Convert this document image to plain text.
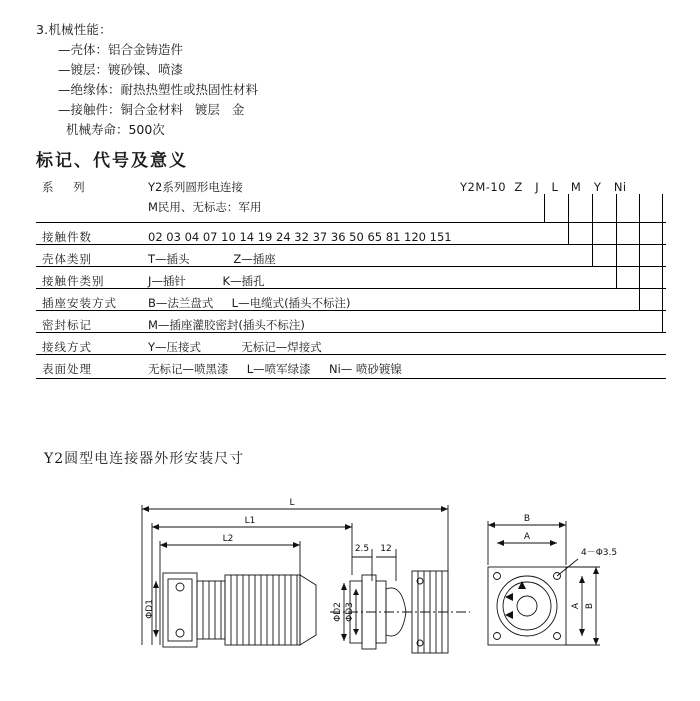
3.机械性能：
—壳体：铝合金铸造件
—镀层：镀砂镍、喷漆
—绝缘体：耐热热塑性或热固性材料
—接触件：铜合金材料   镀层   金
机械寿命：500次
标记、代号及意义
Y2M-10  Z   J   L   M   Y   Ni

系    列

	Y2系列圆形电连接

M民用、无标志：军用

接触件数

	02 03 04 07 10 14 19 24 32 37 36 50 65 81 120 151

壳体类别

	T—插头            Z—插座

接触件类别

	J—插针          K—插孔

插座安装方式

	B—法兰盘式     L—电缆式(插头不标注)

密封标记

	M—插座灌胶密封(插头不标注)

接线方式

	Y—压接式           无标记—焊接式

表面处理

	无标记—喷黑漆     L—喷军绿漆     Ni— 喷砂镀镍

Y2圆型电连接器外形安装尺寸
L
L1
L2
2.5 12
B
A
4－Φ3.5
ΦD1	ΦD2 ΦD3	A B
